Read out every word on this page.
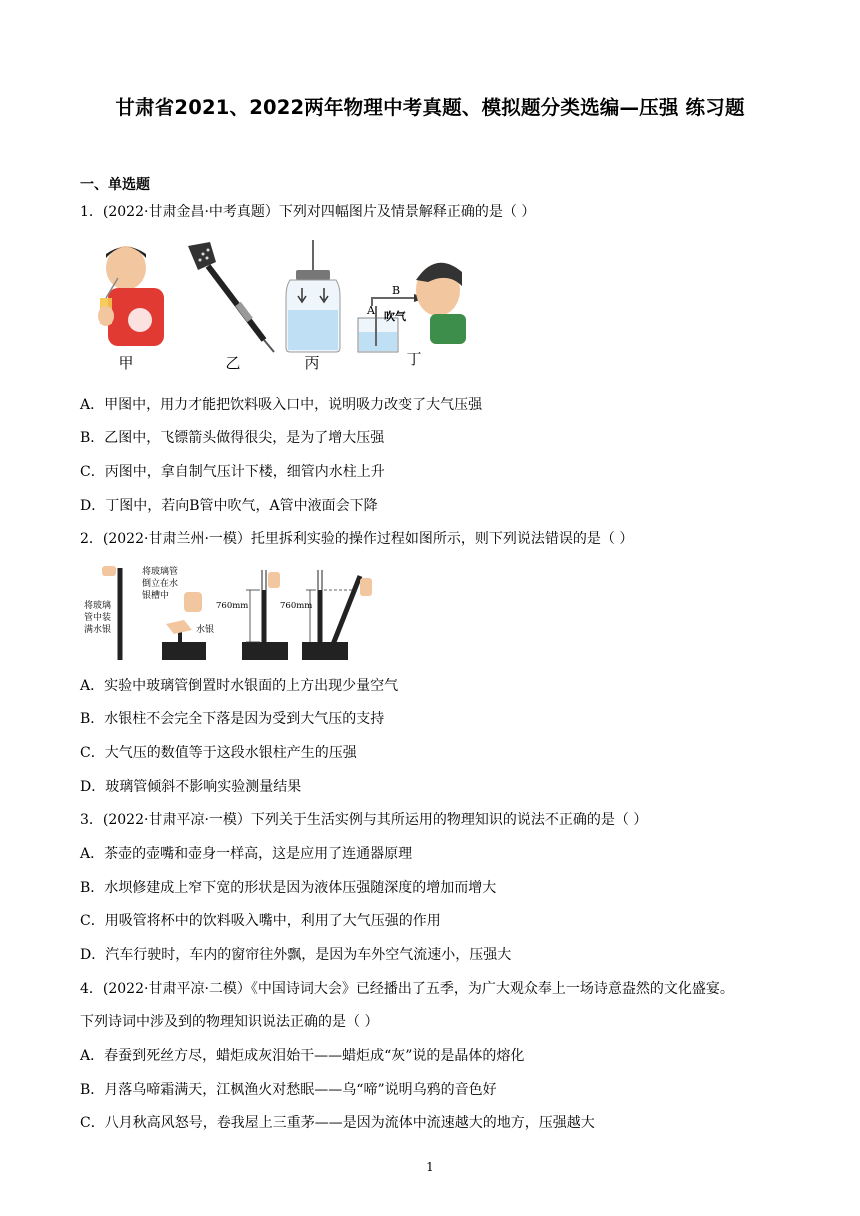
甘肃省2021、2022两年物理中考真题、模拟题分类选编—压强 练习题
一、单选题
1．(2022·甘肃金昌·中考真题）下列对四幅图片及情景解释正确的是（ ）
甲	乙	丙
A
B
吹气
丁
A．甲图中，用力才能把饮料吸入口中，说明吸力改变了大气压强
B．乙图中，飞镖箭头做得很尖，是为了增大压强
C．丙图中，拿自制气压计下楼，细管内水柱上升
D．丁图中，若向B管中吹气，A管中液面会下降
2．(2022·甘肃兰州·一模）托里拆利实验的操作过程如图所示，则下列说法错误的是（ ）
将玻璃
管中装
满水银
将玻璃管
倒立在水
银槽中
水银
760mm	760mm
A．实验中玻璃管倒置时水银面的上方出现少量空气
B．水银柱不会完全下落是因为受到大气压的支持
C．大气压的数值等于这段水银柱产生的压强
D．玻璃管倾斜不影响实验测量结果
3．(2022·甘肃平凉·一模）下列关于生活实例与其所运用的物理知识的说法不正确的是（ ）
A．茶壶的壶嘴和壶身一样高，这是应用了连通器原理
B．水坝修建成上窄下宽的形状是因为液体压强随深度的增加而增大
C．用吸管将杯中的饮料吸入嘴中，利用了大气压强的作用
D．汽车行驶时，车内的窗帘往外飘，是因为车外空气流速小，压强大
4．(2022·甘肃平凉·二模）《中国诗词大会》已经播出了五季，为广大观众奉上一场诗意盎然的文化盛宴。
下列诗词中涉及到的物理知识说法正确的是（ ）
A．春蚕到死丝方尽，蜡炬成灰泪始干——蜡炬成“灰”说的是晶体的熔化
B．月落乌啼霜满天，江枫渔火对愁眠——乌“啼”说明乌鸦的音色好
C．八月秋高风怒号，卷我屋上三重茅——是因为流体中流速越大的地方，压强越大
1
